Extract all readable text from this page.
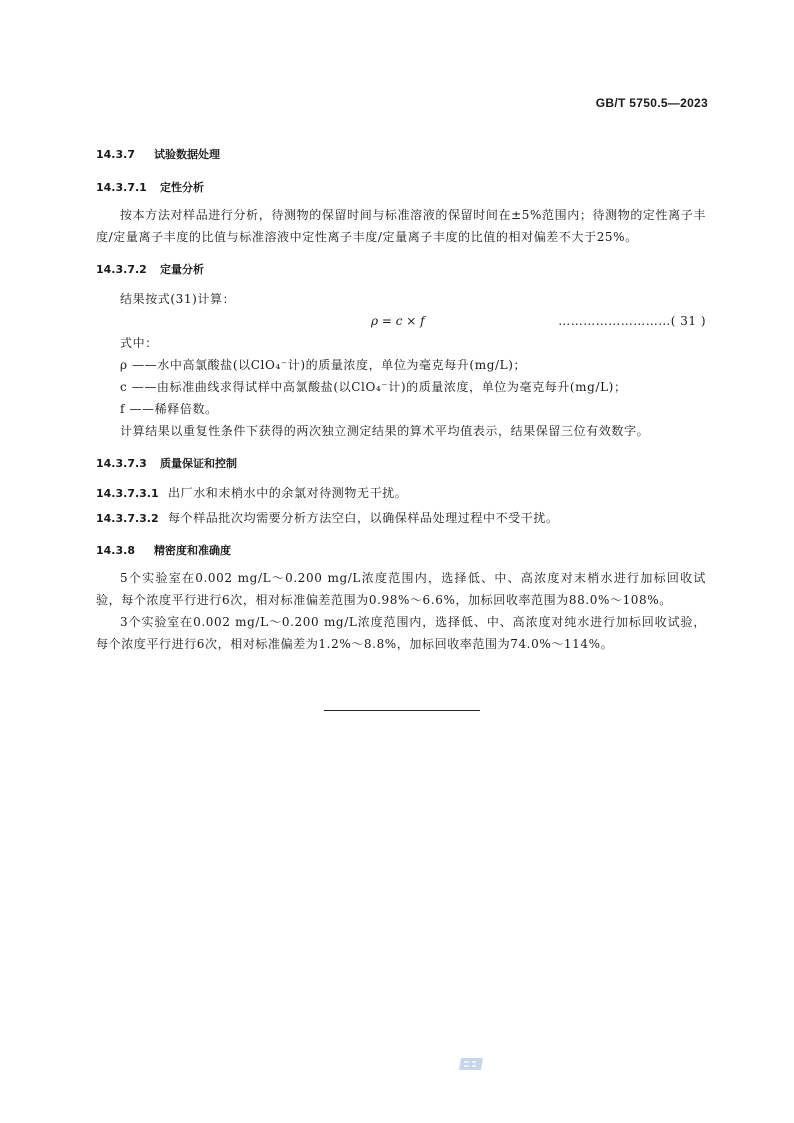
GB/T 5750.5—2023
14.3.7 试验数据处理
14.3.7.1 定性分析

按本方法对样品进行分析，待测物的保留时间与标准溶液的保留时间在±5%范围内；待测物的定性离子丰度/定量离子丰度的比值与标准溶液中定性离子丰度/定量离子丰度的比值的相对偏差不大于25%。

14.3.7.2 定量分析

结果按式(31)计算：

ρ = c × f	………………………( 31 )

式中：

ρ ——水中高氯酸盐(以ClO₄⁻计)的质量浓度，单位为毫克每升(mg/L)；

c ——由标准曲线求得试样中高氯酸盐(以ClO₄⁻计)的质量浓度，单位为毫克每升(mg/L)；

f ——稀释倍数。

计算结果以重复性条件下获得的两次独立测定结果的算术平均值表示，结果保留三位有效数字。

14.3.7.3 质量保证和控制
14.3.7.3.1 出厂水和末梢水中的余氯对待测物无干扰。
14.3.7.3.2 每个样品批次均需要分析方法空白，以确保样品处理过程中不受干扰。
14.3.8 精密度和准确度

5个实验室在0.002 mg/L～0.200 mg/L浓度范围内，选择低、中、高浓度对末梢水进行加标回收试验，每个浓度平行进行6次，相对标准偏差范围为0.98%～6.6%，加标回收率范围为88.0%～108%。

3个实验室在0.002 mg/L～0.200 mg/L浓度范围内，选择低、中、高浓度对纯水进行加标回收试验，每个浓度平行进行6次，相对标准偏差为1.2%～8.8%，加标回收率范围为74.0%～114%。
